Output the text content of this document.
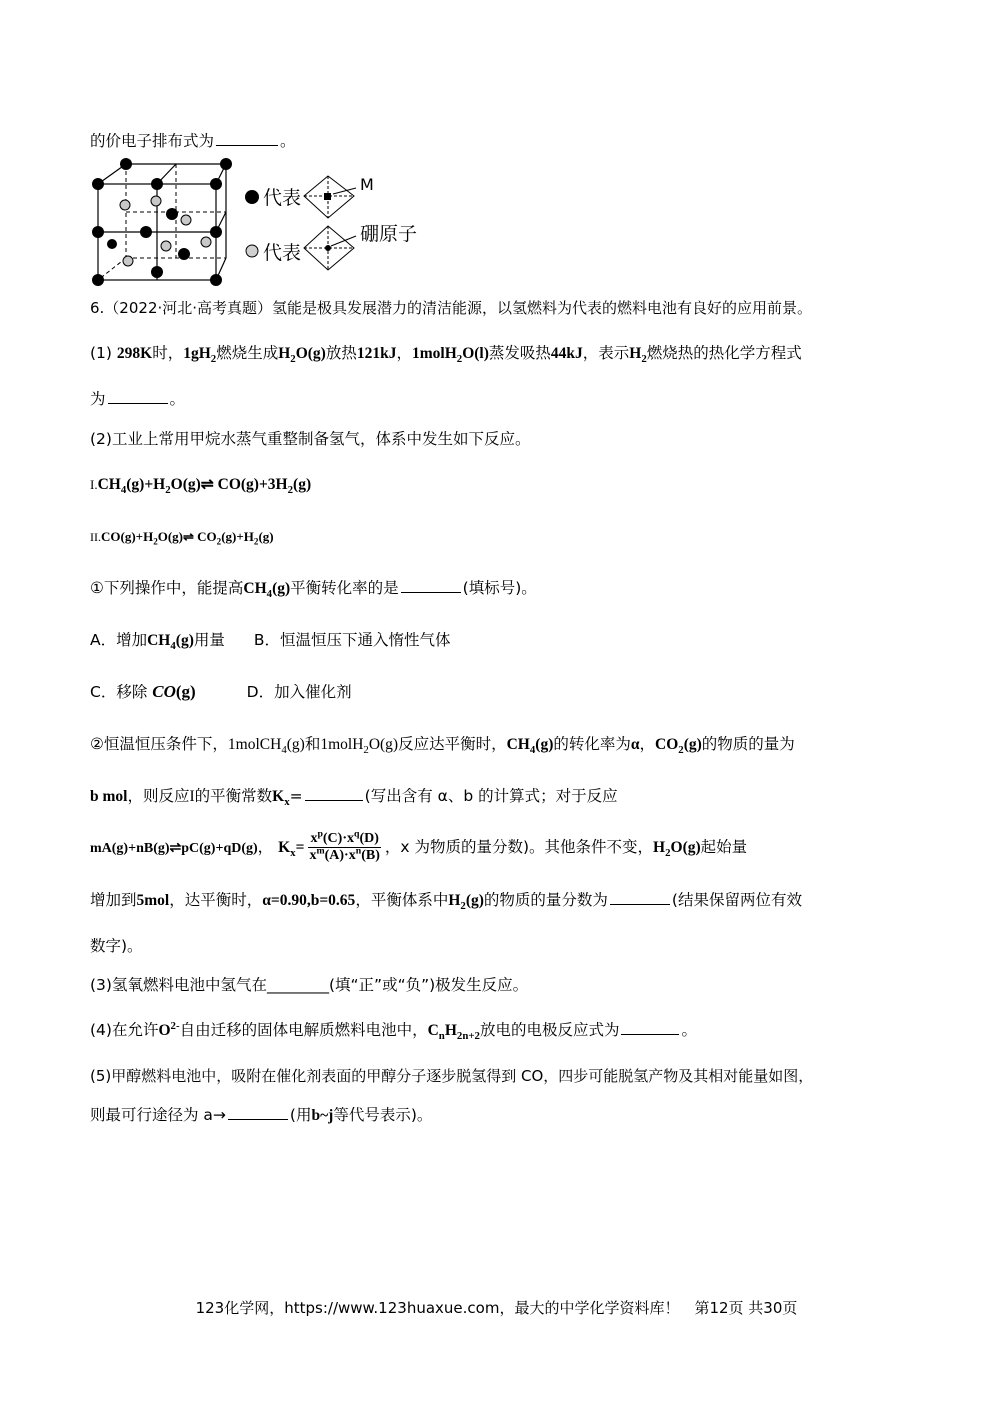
的价电子排布式为	。
代表
M
代表
硼原子
6.（2022·河北·高考真题）氢能是极具发展潜力的清洁能源，以氢燃料为代表的燃料电池有良好的应用前景。
(1) 298K时，$1gH_2$燃烧生成$H_2O(g)$放热121kJ，1molH$_2$O(l)蒸发吸热44kJ，表示$H_2$燃烧热的热化学方程式
为	。
(2)工业上常用甲烷水蒸气重整制备氢气，体系中发生如下反应。
$I.CH_4(g)+H_2O(g)\rightleftharpoons$ $CO(g)+3H_2(g)$
$II.CO(g)+H_2O(g)\rightleftharpoons$ $CO_2(g)+H_2(g)$
①下列操作中，能提高$CH_4(g)$平衡转化率的是	(填标号)。
A．增加$CH_4(g)$用量 B．恒温恒压下通入惰性气体
C．移除 CO(g)	D．加入催化剂
②恒温恒压条件下，1molCH$_4$(g)和1molH$_2$O(g)反应达平衡时，$CH_4(g)$的转化率为α，$CO_2(g)$的物质的量为
b mol，则反应I的平衡常数$K_x=$	(写出含有 α、b 的计算式；对于反应
mA(g)+nB(g)⇌pC(g)+qD(g)， $K_x= \frac{x^p(C)\cdot x^q(D)}{x^m(A)\cdot x^n(B)}$ ，x 为物质的量分数)。其他条件不变，$H_2O(g)$起始量
增加到5mol，达平衡时，α=0.90,b=0.65，平衡体系中$H_2(g)$的物质的量分数为	(结果保留两位有效
数字)。
(3)氢氧燃料电池中氢气在________(填“正”或“负”)极发生反应。
(4)在允许$O^{2-}$自由迁移的固体电解质燃料电池中，$C_nH_{2n+2}$放电的电极反应式为	。
(5)甲醇燃料电池中，吸附在催化剂表面的甲醇分子逐步脱氢得到 CO，四步可能脱氢产物及其相对能量如图，
则最可行途径为 a→	(用b~j等代号表示)。
123化学网，https://www.123huaxue.com，最大的中学化学资料库！　第12页 共30页
